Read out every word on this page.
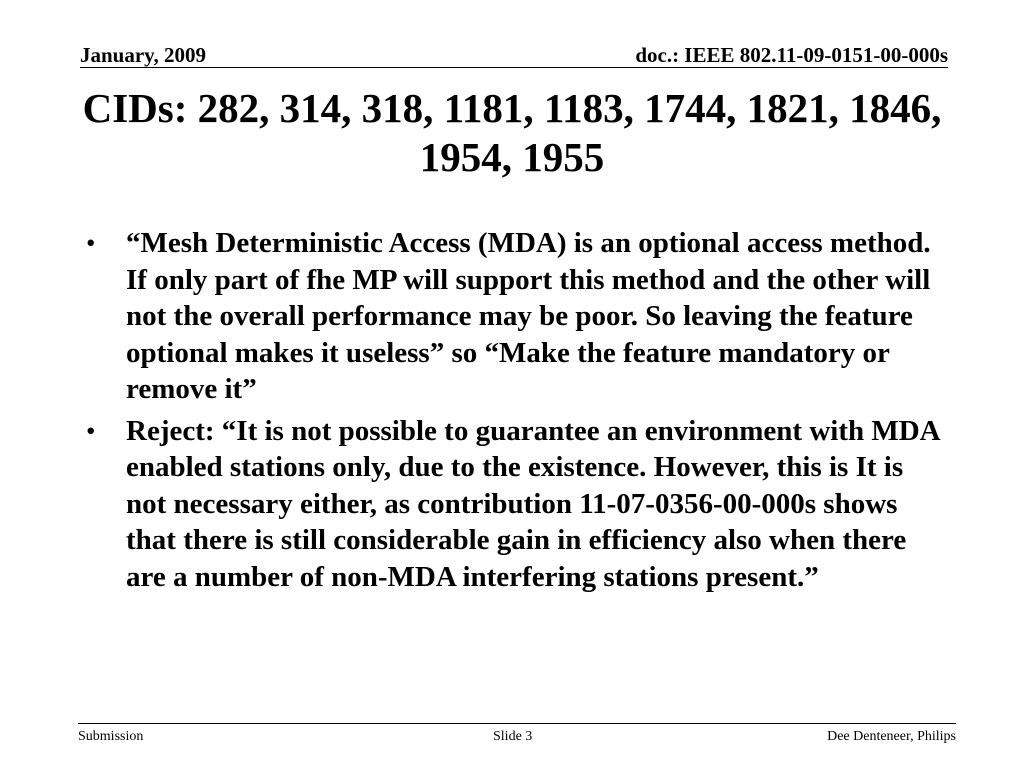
January, 2009	doc.: IEEE 802.11-09-0151-00-000s
CIDs: 282, 314, 318, 1181, 1183, 1744, 1821, 1846, 1954, 1955
• “Mesh Deterministic Access (MDA) is an optional access method. If only part of fhe MP will support this method and the other will not the overall performance may be poor. So leaving the feature optional makes it useless” so “Make the feature mandatory or remove it”
• Reject: “It is not possible to guarantee an environment with MDA enabled stations only, due to the existence. However, this is It is not necessary either, as contribution 11-07-0356-00-000s shows that there is still considerable gain in efficiency also when there are a number of non-MDA interfering stations present.”
Submission	Slide 3	Dee Denteneer, Philips
